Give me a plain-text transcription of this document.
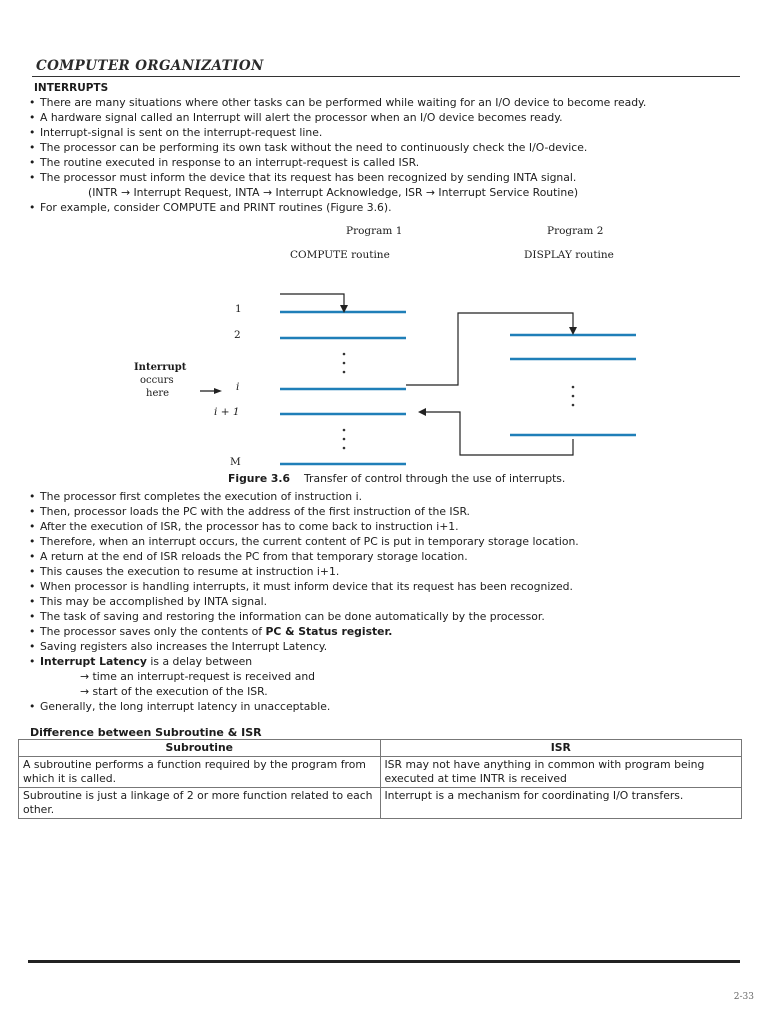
COMPUTER ORGANIZATION
INTERRUPTS
• There are many situations where other tasks can be performed while waiting for an I/O device to become ready.
• A hardware signal called an Interrupt will alert the processor when an I/O device becomes ready.
• Interrupt-signal is sent on the interrupt-request line.
• The processor can be performing its own task without the need to continuously check the I/O-device.
• The routine executed in response to an interrupt-request is called ISR.
• The processor must inform the device that its request has been recognized by sending INTA signal.
(INTR → Interrupt Request, INTA → Interrupt Acknowledge, ISR → Interrupt Service Routine)
• For example, consider COMPUTE and PRINT routines (Figure 3.6).
Program 1
COMPUTE routine
Program 2
DISPLAY routine
1
2
i
i + 1
M
Interrupt
occurs
here
Figure 3.6 Transfer of control through the use of interrupts.
• The processor first completes the execution of instruction i.
• Then, processor loads the PC with the address of the first instruction of the ISR.
• After the execution of ISR, the processor has to come back to instruction i+1.
• Therefore, when an interrupt occurs, the current content of PC is put in temporary storage location.
• A return at the end of ISR reloads the PC from that temporary storage location.
• This causes the execution to resume at instruction i+1.
• When processor is handling interrupts, it must inform device that its request has been recognized.
• This may be accomplished by INTA signal.
• The task of saving and restoring the information can be done automatically by the processor.
• The processor saves only the contents of PC & Status register.
• Saving registers also increases the Interrupt Latency.
• Interrupt Latency is a delay between
→ time an interrupt-request is received and
→ start of the execution of the ISR.
• Generally, the long interrupt latency in unacceptable.
Difference between Subroutine & ISR
Subroutine	ISR
A subroutine performs a function required by the program from which it is called.	ISR may not have anything in common with program being executed at time INTR is received
Subroutine is just a linkage of 2 or more function related to each other.	Interrupt is a mechanism for coordinating I/O transfers.
2-33
